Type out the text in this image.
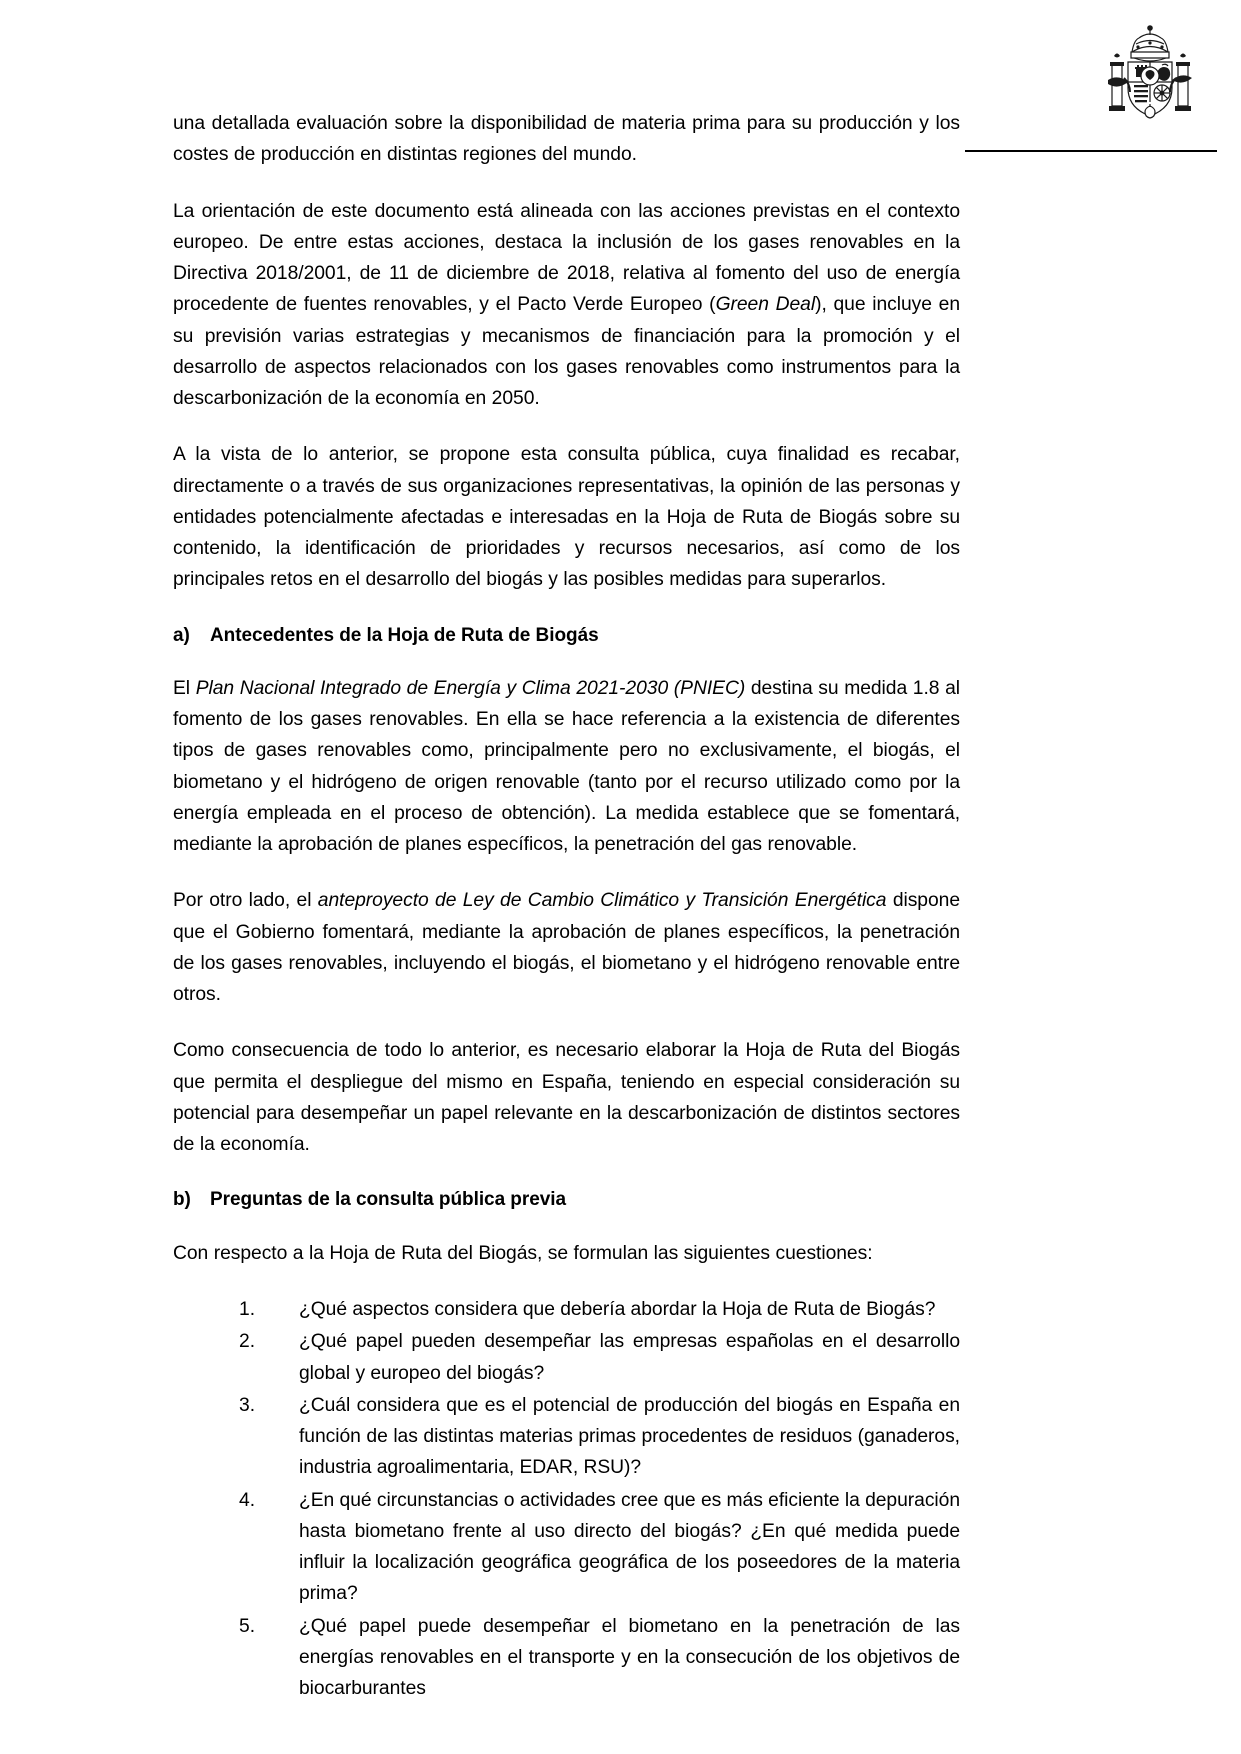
una detallada evaluación sobre la disponibilidad de materia prima para su producción y los costes de producción en distintas regiones del mundo.

La orientación de este documento está alineada con las acciones previstas en el contexto europeo. De entre estas acciones, destaca la inclusión de los gases renovables en la Directiva 2018/2001, de 11 de diciembre de 2018, relativa al fomento del uso de energía procedente de fuentes renovables, y el Pacto Verde Europeo (Green Deal), que incluye en su previsión varias estrategias y mecanismos de financiación para la promoción y el desarrollo de aspectos relacionados con los gases renovables como instrumentos para la descarbonización de la economía en 2050.

A la vista de lo anterior, se propone esta consulta pública, cuya finalidad es recabar, directamente o a través de sus organizaciones representativas, la opinión de las personas y entidades potencialmente afectadas e interesadas en la Hoja de Ruta de Biogás sobre su contenido, la identificación de prioridades y recursos necesarios, así como de los principales retos en el desarrollo del biogás y las posibles medidas para superarlos.

a)	Antecedentes de la Hoja de Ruta de Biogás

El Plan Nacional Integrado de Energía y Clima 2021-2030 (PNIEC) destina su medida 1.8 al fomento de los gases renovables. En ella se hace referencia a la existencia de diferentes tipos de gases renovables como, principalmente pero no exclusivamente, el biogás, el biometano y el hidrógeno de origen renovable (tanto por el recurso utilizado como por la energía empleada en el proceso de obtención). La medida establece que se fomentará, mediante la aprobación de planes específicos, la penetración del gas renovable.

Por otro lado, el anteproyecto de Ley de Cambio Climático y Transición Energética dispone que el Gobierno fomentará, mediante la aprobación de planes específicos, la penetración de los gases renovables, incluyendo el biogás, el biometano y el hidrógeno renovable entre otros.

Como consecuencia de todo lo anterior, es necesario elaborar la Hoja de Ruta del Biogás que permita el despliegue del mismo en España, teniendo en especial consideración su potencial para desempeñar un papel relevante en la descarbonización de distintos sectores de la economía.

b)	Preguntas de la consulta pública previa

Con respecto a la Hoja de Ruta del Biogás, se formulan las siguientes cuestiones:

¿Qué aspectos considera que debería abordar la Hoja de Ruta de Biogás?
¿Qué papel pueden desempeñar las empresas españolas en el desarrollo global y europeo del biogás?
¿Cuál considera que es el potencial de producción del biogás en España en función de las distintas materias primas procedentes de residuos (ganaderos, industria agroalimentaria, EDAR, RSU)?
¿En qué circunstancias o actividades cree que es más eficiente la depuración hasta biometano frente al uso directo del biogás? ¿En qué medida puede influir la localización geográfica geográfica de los poseedores de la materia prima?
¿Qué papel puede desempeñar el biometano en la penetración de las energías renovables en el transporte y en la consecución de los objetivos de biocarburantes
